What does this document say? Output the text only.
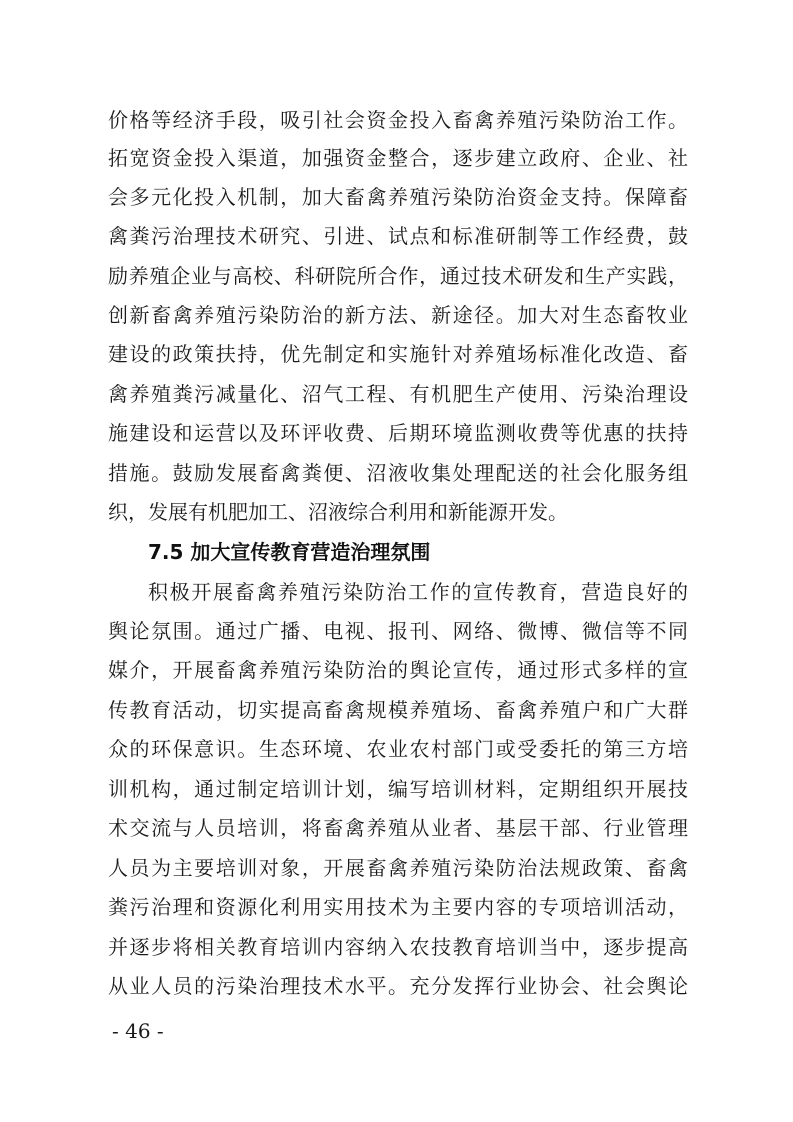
价格等经济手段，吸引社会资金投入畜禽养殖污染防治工作。
拓宽资金投入渠道，加强资金整合，逐步建立政府、企业、社
会多元化投入机制，加大畜禽养殖污染防治资金支持。保障畜
禽粪污治理技术研究、引进、试点和标准研制等工作经费，鼓
励养殖企业与高校、科研院所合作，通过技术研发和生产实践，
创新畜禽养殖污染防治的新方法、新途径。加大对生态畜牧业
建设的政策扶持，优先制定和实施针对养殖场标准化改造、畜
禽养殖粪污减量化、沼气工程、有机肥生产使用、污染治理设
施建设和运营以及环评收费、后期环境监测收费等优惠的扶持
措施。鼓励发展畜禽粪便、沼液收集处理配送的社会化服务组
织，发展有机肥加工、沼液综合利用和新能源开发。
7.5 加大宣传教育营造治理氛围
积极开展畜禽养殖污染防治工作的宣传教育，营造良好的
舆论氛围。通过广播、电视、报刊、网络、微博、微信等不同
媒介，开展畜禽养殖污染防治的舆论宣传，通过形式多样的宣
传教育活动，切实提高畜禽规模养殖场、畜禽养殖户和广大群
众的环保意识。生态环境、农业农村部门或受委托的第三方培
训机构，通过制定培训计划，编写培训材料，定期组织开展技
术交流与人员培训，将畜禽养殖从业者、基层干部、行业管理
人员为主要培训对象，开展畜禽养殖污染防治法规政策、畜禽
粪污治理和资源化利用实用技术为主要内容的专项培训活动，
并逐步将相关教育培训内容纳入农技教育培训当中，逐步提高
从业人员的污染治理技术水平。充分发挥行业协会、社会舆论
- 46 -
